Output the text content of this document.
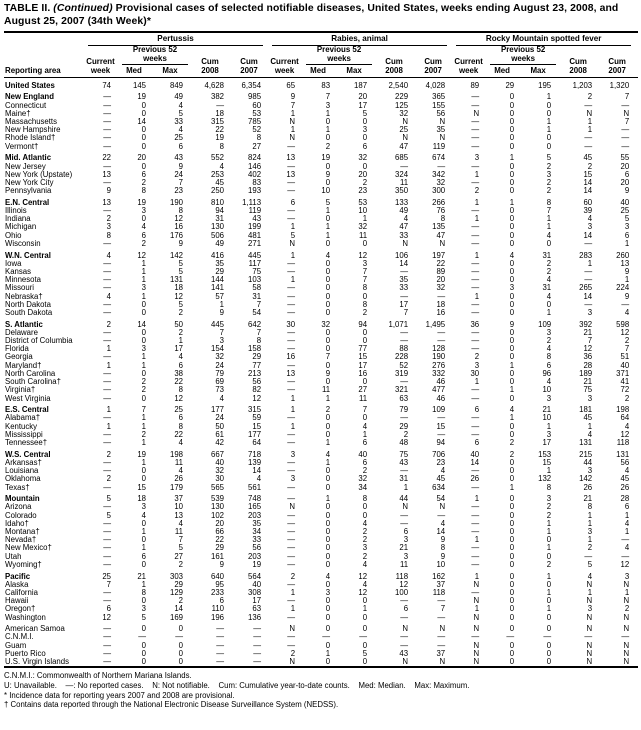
TABLE II. (Continued) Provisional cases of selected notifiable diseases, United States, weeks ending August 23, 2008, and August 25, 2007 (34th Week)*
Reporting area	Pertussis					Rabies, animal					Rocky Mountain spotted fever				

	Current week	Previous 52 weeks		Cum 2008	Cum 2007	Current week	Previous 52 weeks		Cum 2008	Cum 2007	Current week	Previous 52 weeks		Cum 2008	Cum 2007
		Med	Max				Med	Max				Med	Max		
United States	74	145	849	4,628	6,354	65	83	187	2,540	4,028	89	29	195	1,203	1,320
New England	—	19	49	382	985	9	7	20	229	365	—	0	1	2	7
Connecticut	—	0	4	—	60	7	3	17	125	155	—	0	0	—	—
Maine†	—	0	5	18	53	1	1	5	32	56	N	0	0	N	N
Massachusetts	—	14	33	315	785	N	0	0	N	N	—	0	1	1	7
New Hampshire	—	0	4	22	52	1	1	3	25	35	—	0	1	1	—
Rhode Island†	—	0	25	19	8	N	0	0	N	N	—	0	0	—	—
Vermont†	—	0	6	8	27	—	2	6	47	119	—	0	0	—	—
Mid. Atlantic	22	20	43	552	824	13	19	32	685	674	3	1	5	45	55
New Jersey	—	0	9	4	146	—	0	0	—	—	—	0	2	2	20
New York (Upstate)	13	6	24	253	402	13	9	20	324	342	1	0	3	15	6
New York City	—	2	7	45	83	—	0	2	11	32	—	0	2	14	20
Pennsylvania	9	8	23	250	193	—	10	23	350	300	2	0	2	14	9
E.N. Central	13	19	190	810	1,113	6	5	53	133	266	1	1	8	60	40
Illinois	—	3	8	94	119	—	1	10	49	76	—	0	7	39	25
Indiana	2	0	12	31	43	—	0	1	4	8	1	0	1	4	5
Michigan	3	4	16	130	199	1	1	32	47	135	—	0	1	3	3
Ohio	8	6	176	506	481	5	1	11	33	47	—	0	4	14	6
Wisconsin	—	2	9	49	271	N	0	0	N	N	—	0	0	—	1
W.N. Central	4	12	142	416	445	1	4	12	106	197	1	4	31	283	260
Iowa	—	1	5	35	117	—	0	3	14	22	—	0	2	1	13
Kansas	—	1	5	29	75	—	0	7	—	89	—	0	2	—	9
Minnesota	—	1	131	144	103	1	0	7	35	20	—	0	4	—	1
Missouri	—	3	18	141	58	—	0	8	33	32	—	3	31	265	224
Nebraska†	4	1	12	57	31	—	0	0	—	—	1	0	4	14	9
North Dakota	—	0	5	1	7	—	0	8	17	18	—	0	0	—	—
South Dakota	—	0	2	9	54	—	0	2	7	16	—	0	1	3	4
S. Atlantic	2	14	50	445	642	30	32	94	1,071	1,495	36	9	109	392	598
Delaware	—	0	2	7	7	—	0	0	—	—	—	0	3	21	12
District of Columbia	—	0	1	3	8	—	0	0	—	—	—	0	2	7	2
Florida	1	3	17	154	158	—	0	77	88	128	—	0	4	12	7
Georgia	—	1	4	32	29	16	7	15	228	190	2	0	8	36	51
Maryland†	1	1	6	24	77	—	0	17	52	276	3	1	6	28	40
North Carolina	—	0	38	79	213	13	9	16	319	332	30	0	96	189	371
South Carolina†	—	2	22	69	56	—	0	0	—	46	1	0	4	21	41
Virginia†	—	2	8	73	82	—	11	27	321	477	—	1	10	75	72
West Virginia	—	0	12	4	12	1	1	11	63	46	—	0	3	3	2
E.S. Central	1	7	25	177	315	1	2	7	79	109	6	4	21	181	198
Alabama†	—	1	6	24	59	—	0	0	—	—	—	1	10	45	64
Kentucky	1	1	8	50	15	1	0	4	29	15	—	0	1	1	4
Mississippi	—	2	22	61	177	—	0	1	2	—	—	0	3	4	12
Tennessee†	—	1	4	42	64	—	1	6	48	94	6	2	17	131	118
W.S. Central	2	19	198	667	718	3	4	40	75	706	40	2	153	215	131
Arkansas†	—	1	11	40	139	—	1	6	43	23	14	0	15	44	56
Louisiana	—	0	4	32	14	—	0	2	—	4	—	0	1	3	4
Oklahoma	2	0	26	30	4	3	0	32	31	45	26	0	132	142	45
Texas†	—	15	179	565	561	—	0	34	1	634	—	1	8	26	26
Mountain	5	18	37	539	748	—	1	8	44	54	1	0	3	21	28
Arizona	—	3	10	130	165	N	0	0	N	N	—	0	2	8	6
Colorado	5	4	13	102	203	—	0	0	—	—	—	0	2	1	1
Idaho†	—	0	4	20	35	—	0	4	—	4	—	0	1	1	4
Montana†	—	1	11	66	34	—	0	2	6	14	—	0	1	3	1
Nevada†	—	0	7	22	33	—	0	2	3	9	1	0	0	1	—
New Mexico†	—	1	5	29	56	—	0	3	21	8	—	0	1	2	4
Utah	—	6	27	161	203	—	0	2	3	9	—	0	0	—	—
Wyoming†	—	0	2	9	19	—	0	4	11	10	—	0	2	5	12
Pacific	25	21	303	640	564	2	4	12	118	162	1	0	1	4	3
Alaska	7	1	29	95	40	—	0	4	12	37	N	0	0	N	N
California	—	8	129	233	308	1	3	12	100	118	—	0	1	1	1
Hawaii	—	0	2	6	17	—	0	0	—	—	N	0	0	N	N
Oregon†	6	3	14	110	63	1	0	1	6	7	1	0	1	3	2
Washington	12	5	169	196	136	—	0	0	—	—	N	0	0	N	N
American Samoa	—	0	0	—	—	N	0	0	N	N	N	0	0	N	N
C.N.M.I.	—	—	—	—	—	—	—	—	—	—	—	—	—	—	—
Guam	—	0	0	—	—	—	0	0	—	—	N	0	0	N	N
Puerto Rico	—	0	0	—	—	2	1	5	43	37	N	0	0	N	N
U.S. Virgin Islands	—	0	0	—	—	N	0	0	N	N	N	0	0	N	N
C.N.M.I.: Commonwealth of Northern Mariana Islands.
U: Unavailable.    —: No reported cases.    N: Not notifiable.    Cum: Cumulative year-to-date counts.    Med: Median.    Max: Maximum.
* Incidence data for reporting years 2007 and 2008 are provisional.
† Contains data reported through the National Electronic Disease Surveillance System (NEDSS).
